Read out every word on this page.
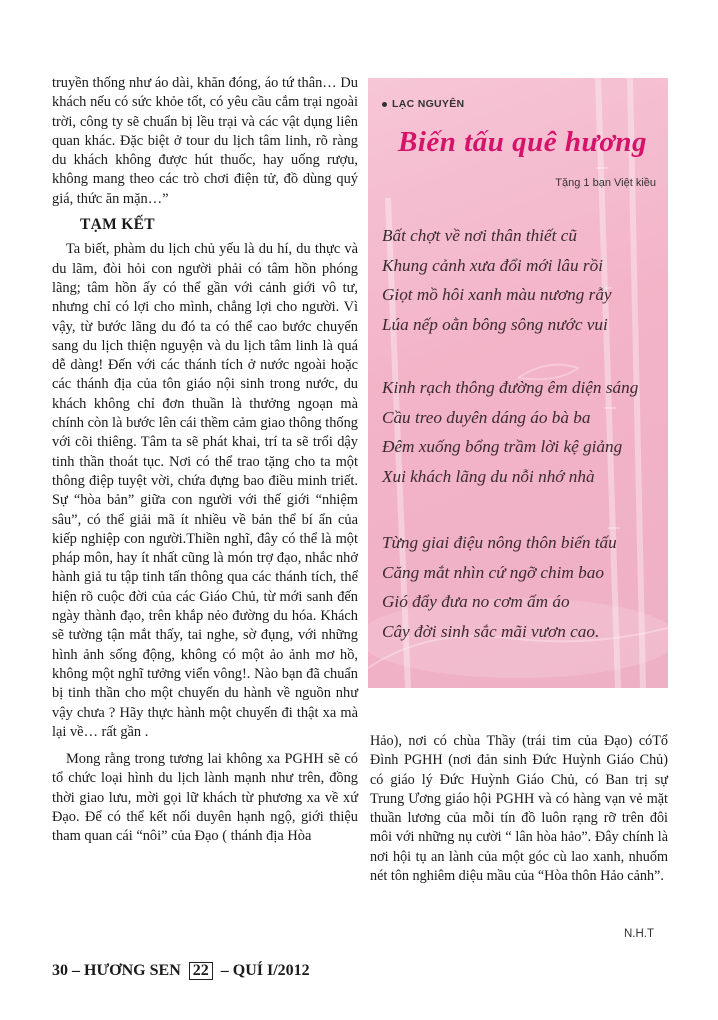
truyền thống như áo dài, khăn đóng, áo tứ thân… Du khách nếu có sức khỏe tốt, có yêu cầu cắm trại ngoài trời, công ty sẽ chuẩn bị lều trại và các vật dụng liên quan khác. Đặc biệt ở tour du lịch tâm linh, rõ ràng du khách không được hút thuốc, hay uống rượu, không mang theo các trò chơi điện tử, đồ dùng quý giá, thức ăn mặn…”

TẠM KẾT

Ta biết, phàm du lịch chủ yếu là du hí, du thực và du lãm, đòi hỏi con người phải có tâm hồn phóng lãng; tâm hồn ấy có thể gần với cảnh giới vô tư, nhưng chỉ có lợi cho mình, chẳng lợi cho người. Vì vậy, từ bước lãng du đó ta có thể cao bước chuyển sang du lịch thiện nguyện và du lịch tâm linh là quá dễ dàng! Đến với các thánh tích ở nước ngoài hoặc các thánh địa của tôn giáo nội sinh trong nước, du khách không chỉ đơn thuần là thưởng ngoạn mà chính còn là bước lên cái thềm cảm giao thông thống với cõi thiêng. Tâm ta sẽ phát khai, trí ta sẽ trổi dậy tinh thần thoát tục. Nơi có thể trao tặng cho ta một thông điệp tuyệt vời, chứa đựng bao điều minh triết. Sự “hòa bản” giữa con người với thế giới “nhiệm sâu”, có thể giải mã ít nhiều về bản thể bí ẩn của kiếp nghiệp con người.Thiền nghĩ, đây có thể là một pháp môn, hay ít nhất cũng là món trợ đạo, nhắc nhở hành giả tu tập tinh tấn thông qua các thánh tích, thể hiện rõ cuộc đời của các Giáo Chủ, từ mới sanh đến ngày thành đạo, trên khắp nẻo đường du hóa. Khách sẽ tường tận mắt thấy, tai nghe, sờ đụng, với những hình ảnh sống động, không có một ảo ảnh mơ hồ, không một nghĩ tưởng viển vông!. Nào bạn đã chuẩn bị tinh thần cho một chuyến du hành về nguồn như vậy chưa ? Hãy thực hành một chuyến đi thật xa mà lại về… rất gần .

Mong rằng trong tương lai không xa PGHH sẽ có tổ chức loại hình du lịch lành mạnh như trên, đồng thời giao lưu, mời gọi lữ khách từ phương xa về xứ Đạo. Để có thể kết nối duyên hạnh ngộ, giới thiệu tham quan cái “nôi” của Đạo ( thánh địa Hòa

LẠC NGUYÊN
Biến tấu quê hương
Tặng 1 bạn Việt kiều
Bất chợt về nơi thân thiết cũ
Khung cảnh xưa đổi mới lâu rồi
Giọt mồ hôi xanh màu nương rẫy
Lúa nếp oằn bông sông nước vui
Kinh rạch thông đường êm diện sáng
Cầu treo duyên dáng áo bà ba
Đêm xuống bổng trầm lời kệ giảng
Xui khách lãng du nỗi nhớ nhà
Từng giai điệu nông thôn biến tấu
Căng mắt nhìn cứ ngỡ chim bao
Gió đẩy đưa no cơm ấm áo
Cây đời sinh sắc mãi vươn cao.

Hảo), nơi có chùa Thầy (trái tim của Đạo) cóTổ Đình PGHH (nơi đản sinh Đức Huỳnh Giáo Chủ) có giáo lý Đức Huỳnh Giáo Chủ, có Ban trị sự Trung Ương giáo hội PGHH và có hàng vạn vẻ mặt thuần lương của mỗi tín đồ luôn rạng rỡ trên đôi môi với những nụ cười “ lân hòa hảo”. Đây chính là nơi hội tụ an lành của một góc cù lao xanh, nhuốm nét tôn nghiêm diệu mầu của “Hòa thôn Hảo cảnh”.

N.H.T
30 – HƯƠNG SEN 22 – QUÍ I/2012
